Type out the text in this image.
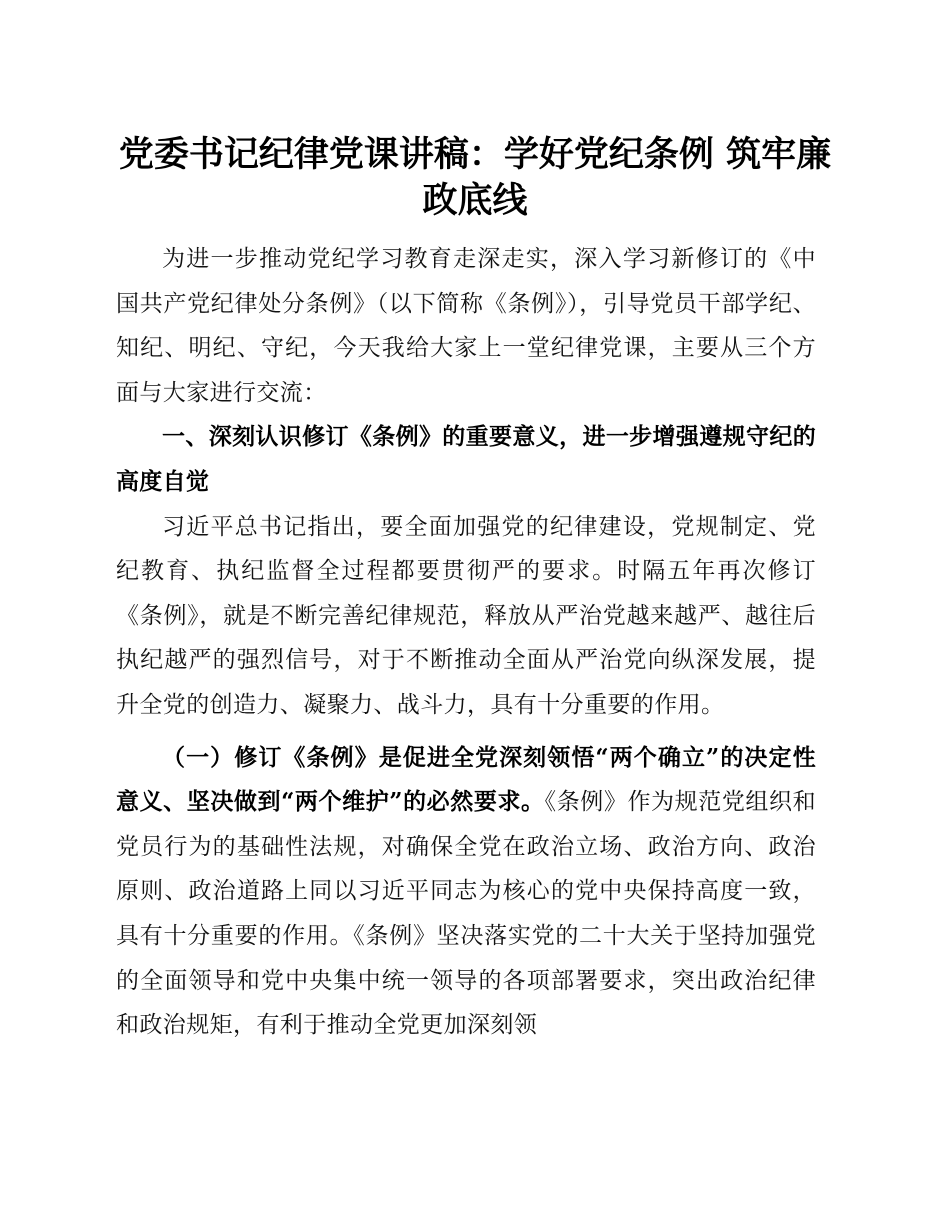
党委书记纪律党课讲稿：学好党纪条例 筑牢廉政底线

为进一步推动党纪学习教育走深走实，深入学习新修订的《中国共产党纪律处分条例》（以下简称《条例》），引导党员干部学纪、知纪、明纪、守纪，今天我给大家上一堂纪律党课，主要从三个方面与大家进行交流：

一、深刻认识修订《条例》的重要意义，进一步增强遵规守纪的高度自觉

习近平总书记指出，要全面加强党的纪律建设，党规制定、党纪教育、执纪监督全过程都要贯彻严的要求。时隔五年再次修订《条例》，就是不断完善纪律规范，释放从严治党越来越严、越往后执纪越严的强烈信号，对于不断推动全面从严治党向纵深发展，提升全党的创造力、凝聚力、战斗力，具有十分重要的作用。

（一）修订《条例》是促进全党深刻领悟“两个确立”的决定性意义、坚决做到“两个维护”的必然要求。《条例》作为规范党组织和党员行为的基础性法规，对确保全党在政治立场、政治方向、政治原则、政治道路上同以习近平同志为核心的党中央保持高度一致，具有十分重要的作用。《条例》坚决落实党的二十大关于坚持加强党的全面领导和党中央集中统一领导的各项部署要求，突出政治纪律和政治规矩，有利于推动全党更加深刻领
